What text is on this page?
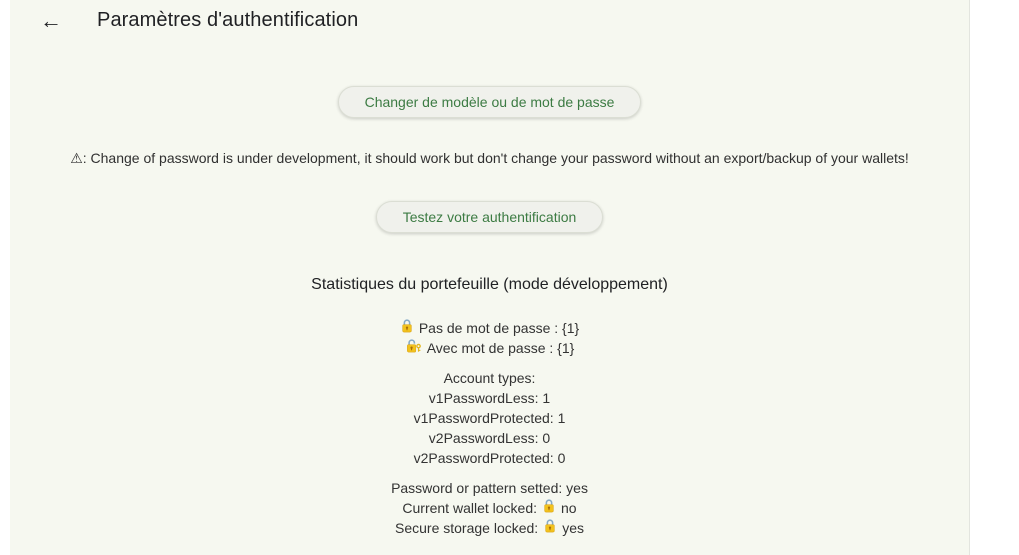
← Paramètres d'authentification
Changer de modèle ou de mot de passe

⚠: Change of password is under development, it should work but don't change your password without an export/backup of your wallets!

Testez votre authentification
Statistiques du portefeuille (mode développement)
Pas de mot de passe : {1}
Avec mot de passe : {1}
Account types:
v1PasswordLess: 1
v1PasswordProtected: 1
v2PasswordLess: 0
v2PasswordProtected: 0
Password or pattern setted: yes
Current wallet locked: no
Secure storage locked: yes
